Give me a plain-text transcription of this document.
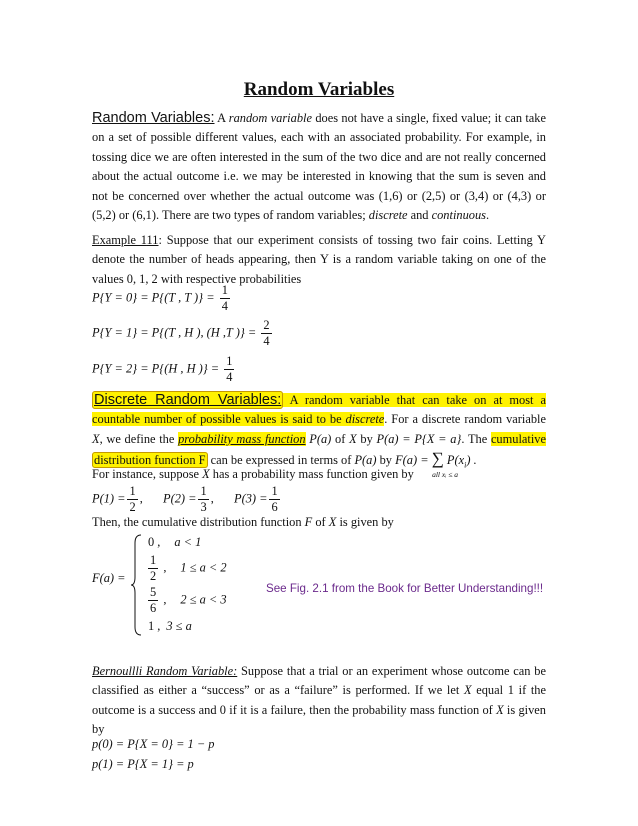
Random Variables
Random Variables: A random variable does not have a single, fixed value; it can take on a set of possible different values, each with an associated probability. For example, in tossing dice we are often interested in the sum of the two dice and are not really concerned about the actual outcome i.e. we may be interested in knowing that the sum is seven and not be concerned over whether the actual outcome was (1,6) or (2,5) or (3,4) or (4,3) or (5,2) or (6,1). There are two types of random variables; discrete and continuous.
Example 111: Suppose that our experiment consists of tossing two fair coins. Letting Y denote the number of heads appearing, then Y is a random variable taking on one of the values 0, 1, 2 with respective probabilities
P{Y = 0} = P{(T , T )} = $\frac{1}{4}$
P{Y = 1} = P{(T , H ), (H ,T )} = $\frac{2}{4}$
P{Y = 2} = P{(H , H )} = $\frac{1}{4}$
Discrete Random Variables: A random variable that can take on at most a countable number of possible values is said to be discrete. For a discrete random variable X, we define the probability mass function P(a) of X by P(a) = P{X = a}. The cumulative distribution function F can be expressed in terms of P(a) by F(a) = ∑ $P(x_i)$ .
all xᵢ ≤ a
For instance, suppose X has a probability mass function given by
$P(1) = \frac{1}{2}$ ,  $P(2) = \frac{1}{3}$ ,  $P(3) = \frac{1}{6}$
Then, the cumulative distribution function F of X is given by
F(a) =
0 , a < 1
$\frac{1}{2}$ , 1 ≤ a < 2
$\frac{5}{6}$ , 2 ≤ a < 3
1 , 3 ≤ a
See Fig. 2.1 from the Book for Better Understanding!!!
Bernoullli Random Variable: Suppose that a trial or an experiment whose outcome can be classified as either a “success” or as a “failure” is performed. If we let X equal 1 if the outcome is a success and 0 if it is a failure, then the probability mass function of X is given by
p(0) = P{X = 0} = 1 − p
p(1) = P{X = 1} = p
